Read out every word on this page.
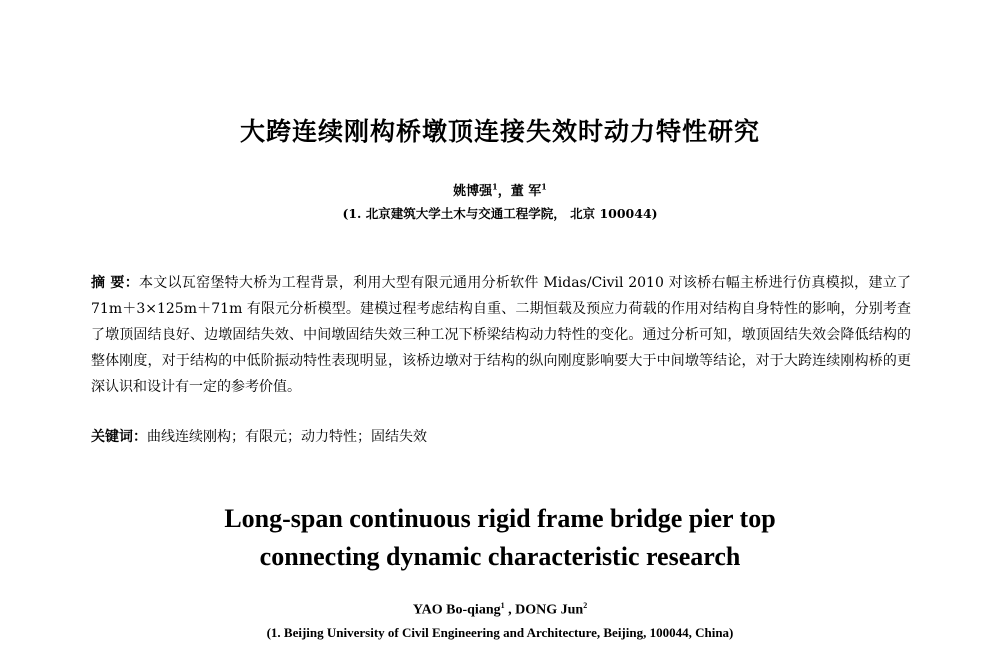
大跨连续刚构桥墩顶连接失效时动力特性研究
姚博强$^1$，董 军$^1$
(1. 北京建筑大学土木与交通工程学院， 北京 100044)
摘 要：本文以瓦窑堡特大桥为工程背景，利用大型有限元通用分析软件 Midas/Civil 2010 对该桥右幅主桥进行仿真模拟，建立了 71m＋3×125m＋71m 有限元分析模型。建模过程考虑结构自重、二期恒载及预应力荷载的作用对结构自身特性的影响，分别考查了墩顶固结良好、边墩固结失效、中间墩固结失效三种工况下桥梁结构动力特性的变化。通过分析可知，墩顶固结失效会降低结构的整体刚度，对于结构的中低阶振动特性表现明显，该桥边墩对于结构的纵向刚度影响要大于中间墩等结论，对于大跨连续刚构桥的更深认识和设计有一定的参考价值。
关键词：曲线连续刚构；有限元；动力特性；固结失效
Long-span continuous rigid frame bridge pier top
connecting dynamic characteristic research
YAO Bo-qiang$^1$ , DONG Jun$^2$
(1. Beijing University of Civil Engineering and Architecture, Beijing, 100044, China)
